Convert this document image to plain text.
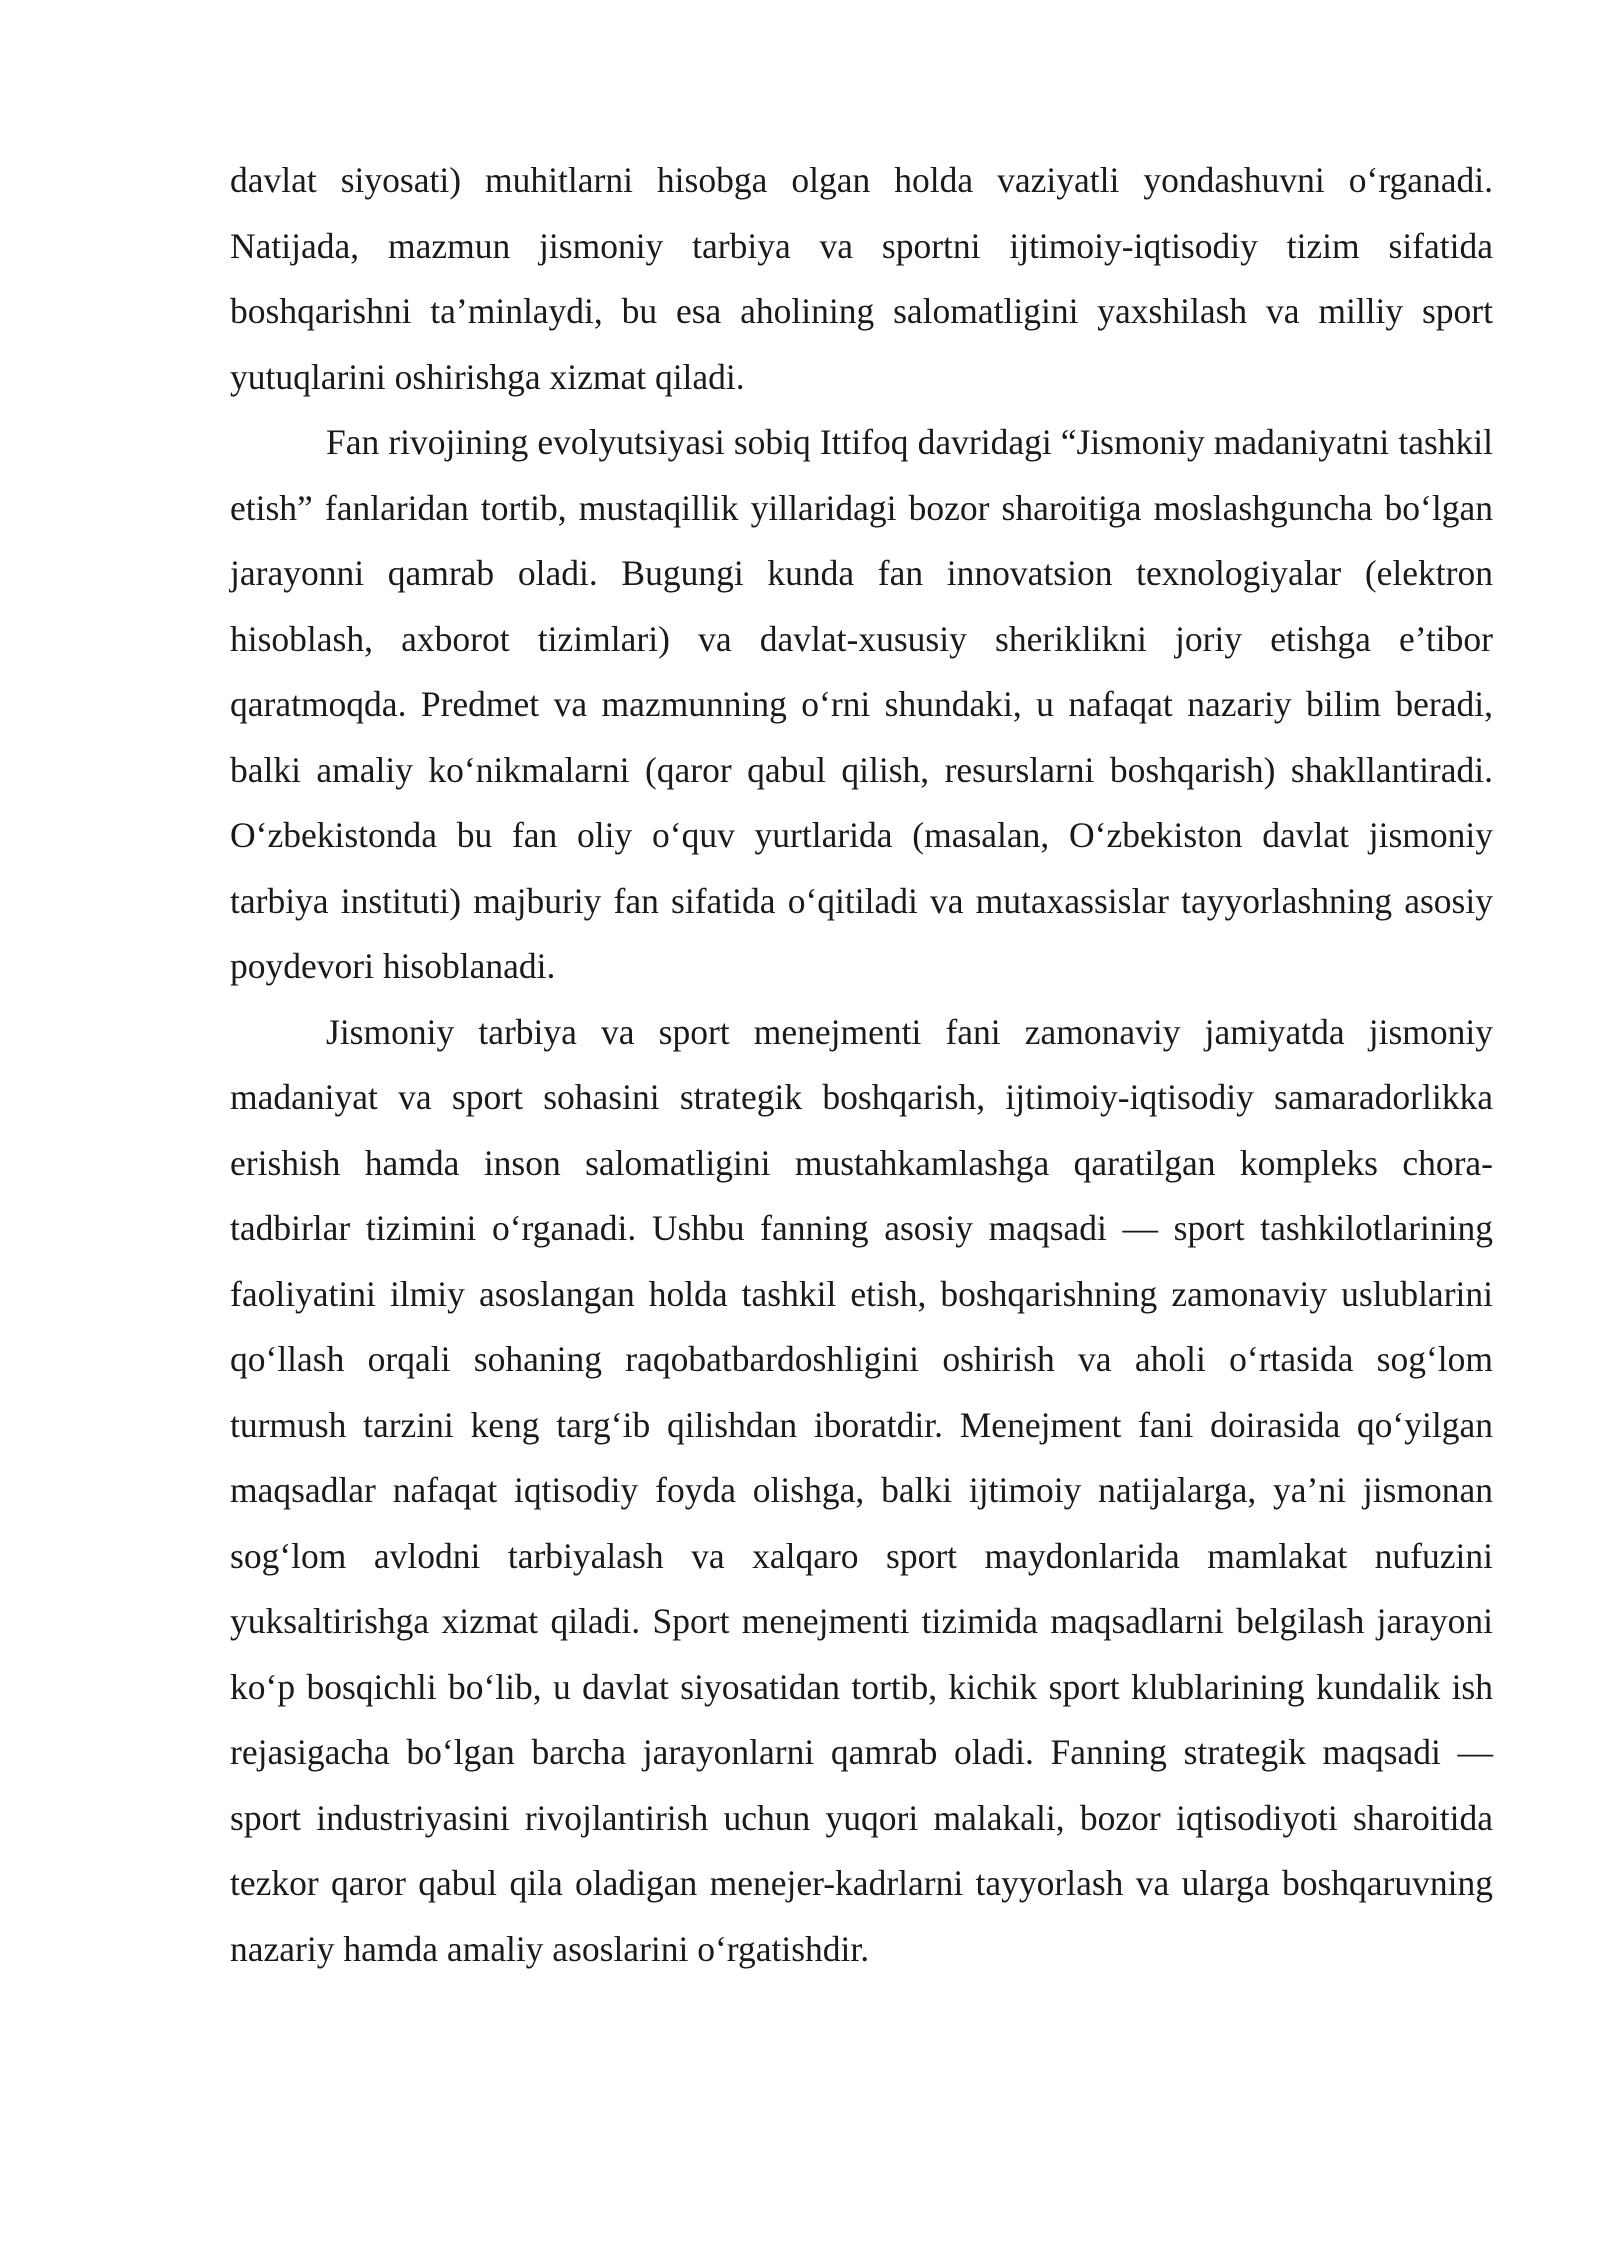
davlat siyosati) muhitlarni hisobga olgan holda vaziyatli yondashuvni o‘rganadi. Natijada, mazmun jismoniy tarbiya va sportni ijtimoiy-iqtisodiy tizim sifatida boshqarishni ta’minlaydi, bu esa aholining salomatligini yaxshilash va milliy sport yutuqlarini oshirishga xizmat qiladi.

Fan rivojining evolyutsiyasi sobiq Ittifoq davridagi “Jismoniy madaniyatni tashkil etish” fanlaridan tortib, mustaqillik yillaridagi bozor sharoitiga moslashguncha bo‘lgan jarayonni qamrab oladi. Bugungi kunda fan innovatsion texnologiyalar (elektron hisoblash, axborot tizimlari) va davlat-xususiy sheriklikni joriy etishga e’tibor qaratmoqda. Predmet va mazmunning o‘rni shundaki, u nafaqat nazariy bilim beradi, balki amaliy ko‘nikmalarni (qaror qabul qilish, resurslarni boshqarish) shakllantiradi. O‘zbekistonda bu fan oliy o‘quv yurtlarida (masalan, O‘zbekiston davlat jismoniy tarbiya instituti) majburiy fan sifatida o‘qitiladi va mutaxassislar tayyorlashning asosiy poydevori hisoblanadi.

Jismoniy tarbiya va sport menejmenti fani zamonaviy jamiyatda jismoniy madaniyat va sport sohasini strategik boshqarish, ijtimoiy-iqtisodiy samaradorlikka erishish hamda inson salomatligini mustahkamlashga qaratilgan kompleks chora-tadbirlar tizimini o‘rganadi. Ushbu fanning asosiy maqsadi — sport tashkilotlarining faoliyatini ilmiy asoslangan holda tashkil etish, boshqarishning zamonaviy uslublarini qo‘llash orqali sohaning raqobatbardoshligini oshirish va aholi o‘rtasida sog‘lom turmush tarzini keng targ‘ib qilishdan iboratdir. Menejment fani doirasida qo‘yilgan maqsadlar nafaqat iqtisodiy foyda olishga, balki ijtimoiy natijalarga, ya’ni jismonan sog‘lom avlodni tarbiyalash va xalqaro sport maydonlarida mamlakat nufuzini yuksaltirishga xizmat qiladi. Sport menejmenti tizimida maqsadlarni belgilash jarayoni ko‘p bosqichli bo‘lib, u davlat siyosatidan tortib, kichik sport klublarining kundalik ish rejasigacha bo‘lgan barcha jarayonlarni qamrab oladi. Fanning strategik maqsadi — sport industriyasini rivojlantirish uchun yuqori malakali, bozor iqtisodiyoti sharoitida tezkor qaror qabul qila oladigan menejer-kadrlarni tayyorlash va ularga boshqaruvning nazariy hamda amaliy asoslarini o‘rgatishdir.
